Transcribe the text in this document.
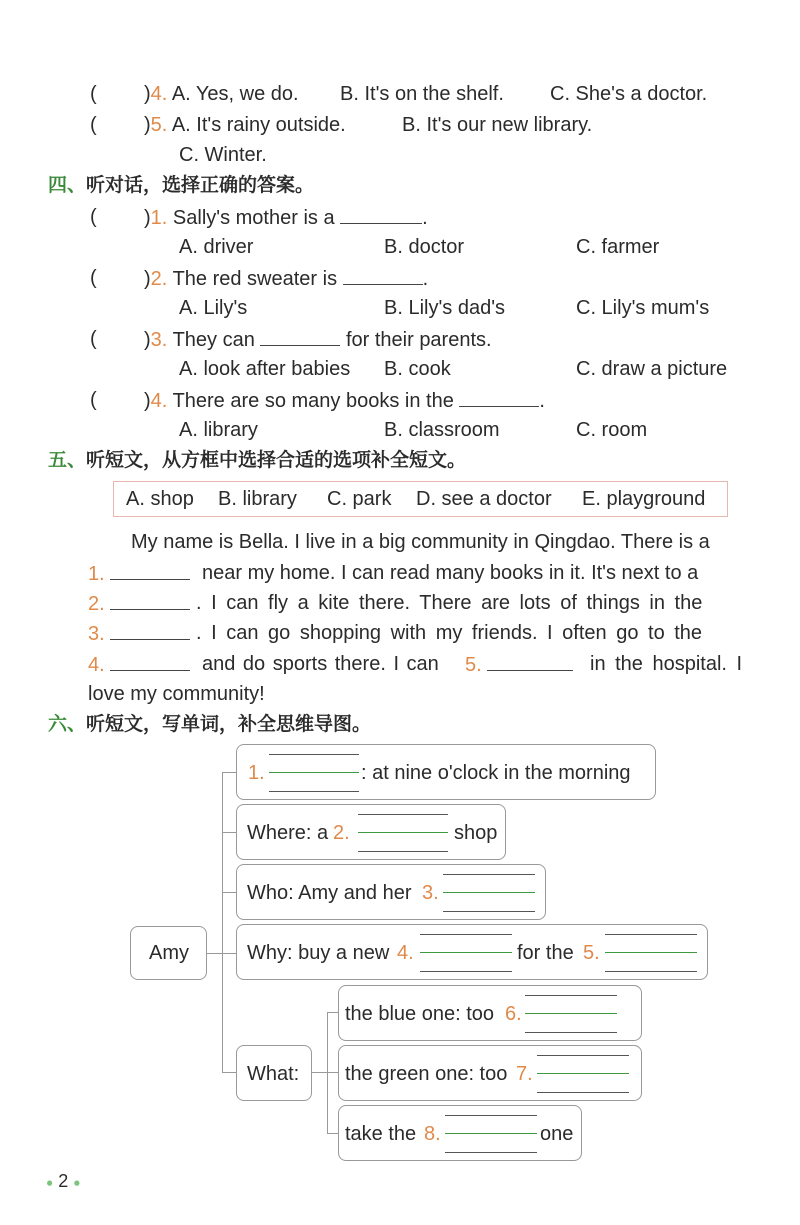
( )4. A. Yes, we do. B. It's on the shelf. C. She's a doctor.
( )5. A. It's rainy outside.	B. It's our new library.
C. Winter.
四、听对话，选择正确的答案。
( )1. Sally's mother is a	.
A. driver	B. doctor	C. farmer
( )2. The red sweater is	.
A. Lily's	B. Lily's dad's	C. Lily's mum's
( )3. They can	for their parents.
A. look after babies B. cook	C. draw a picture
( )4. There are so many books in the	.
A. library	B. classroom	C. room
五、听短文，从方框中选择合适的选项补全短文。
A. shop B. library C. park D. see a doctor E. playground
My name is Bella. I live in a big community in Qingdao. There is a
1.	near my home. I can read many books in it. It's next to a
2.	. I can fly a kite there. There are lots of things in the
3.	. I can go shopping with my friends. I often go to the
4.	and do sports there. I can 5.	in the hospital. I
love my community!
六、听短文，写单词，补全思维导图。
Amy
1.	: at nine o'clock in the morning
Where: a 2.	shop
Who: Amy and her 3.
Why: buy a new 4.	for the 5.
What:
the blue one: too 6.
the green one: too 7.
take the 8.	one
● 2 ●
